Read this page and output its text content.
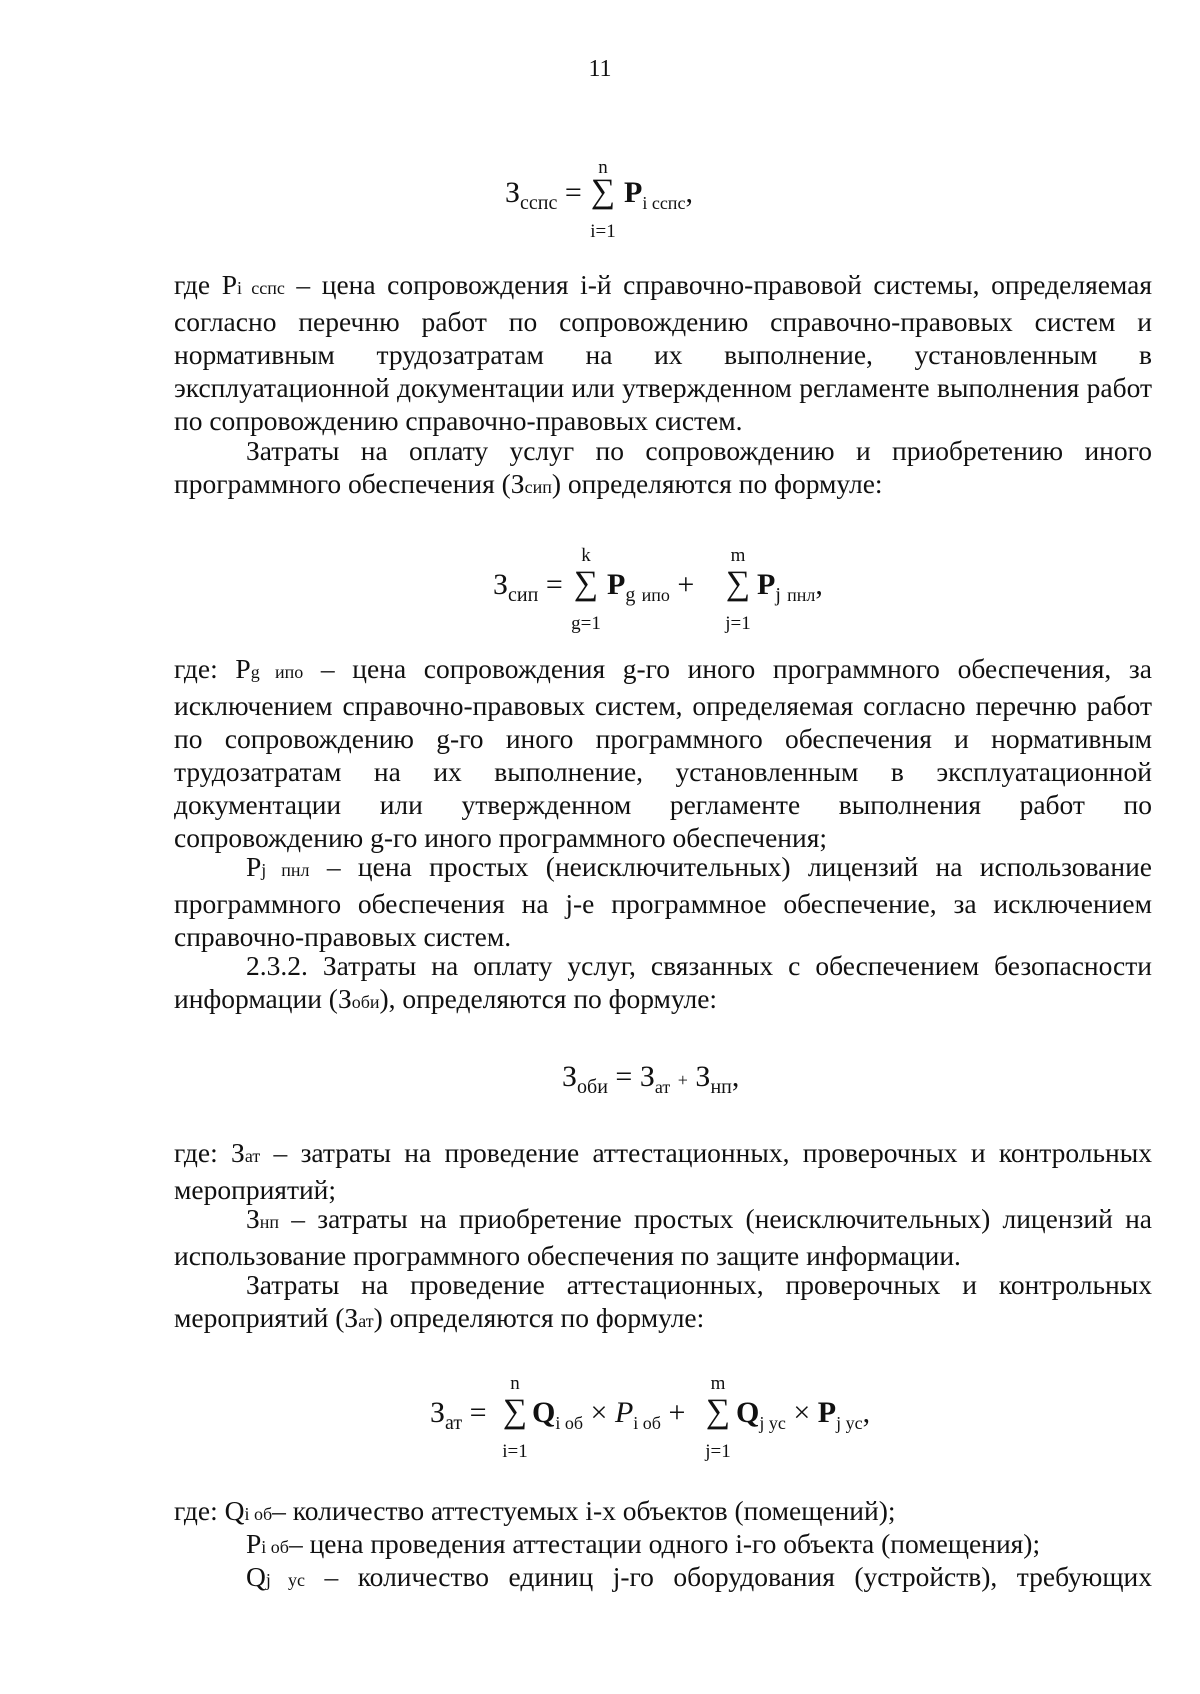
11
n
$З_{сспс}$ = ∑ $P_{i сспс}$,
i=1

где Pi сспс – цена сопровождения i-й справочно-правовой системы, определяемая согласно перечню работ по сопровождению справочно-правовых систем и нормативным трудозатратам на их выполнение, установленным в эксплуатационной документации или утвержденном регламенте выполнения работ по сопровождению справочно-правовых систем.

Затраты на оплату услуг по сопровождению и приобретению иного программного обеспечения (Зсип) определяются по формуле:

k	m
$З_{сип}$ = ∑ $P_{g ипо}$ + ∑ $P_{j пнл}$,
g=1	j=1

где: Pg ипо – цена сопровождения g-го иного программного обеспечения, за исключением справочно-правовых систем, определяемая согласно перечню работ по сопровождению g-го иного программного обеспечения и нормативным трудозатратам на их выполнение, установленным в эксплуатационной документации или утвержденном регламенте выполнения работ по сопровождению g-го иного программного обеспечения;

Pj пнл – цена простых (неисключительных) лицензий на использование программного обеспечения на j-е программное обеспечение, за исключением справочно-правовых систем.

2.3.2. Затраты на оплату услуг, связанных с обеспечением безопасности информации (Зоби), определяются по формуле:

$З_{оби} = З_{ат} + З_{нп}$,

где: Зат – затраты на проведение аттестационных, проверочных и контрольных мероприятий;

Знп – затраты на приобретение простых (неисключительных) лицензий на использование программного обеспечения по защите информации.

Затраты на проведение аттестационных, проверочных и контрольных мероприятий (Зат) определяются по формуле:

n	m
$З_{ат}$ = ∑ $Q_{i об} \times P_{i об}$ + ∑ $Q_{j ус} \times P_{j ус}$,
i=1	j=1

где: Qi об– количество аттестуемых i-х объектов (помещений);

Pi об– цена проведения аттестации одного i-го объекта (помещения);

Qj ус – количество единиц j-го оборудования (устройств), требующих
